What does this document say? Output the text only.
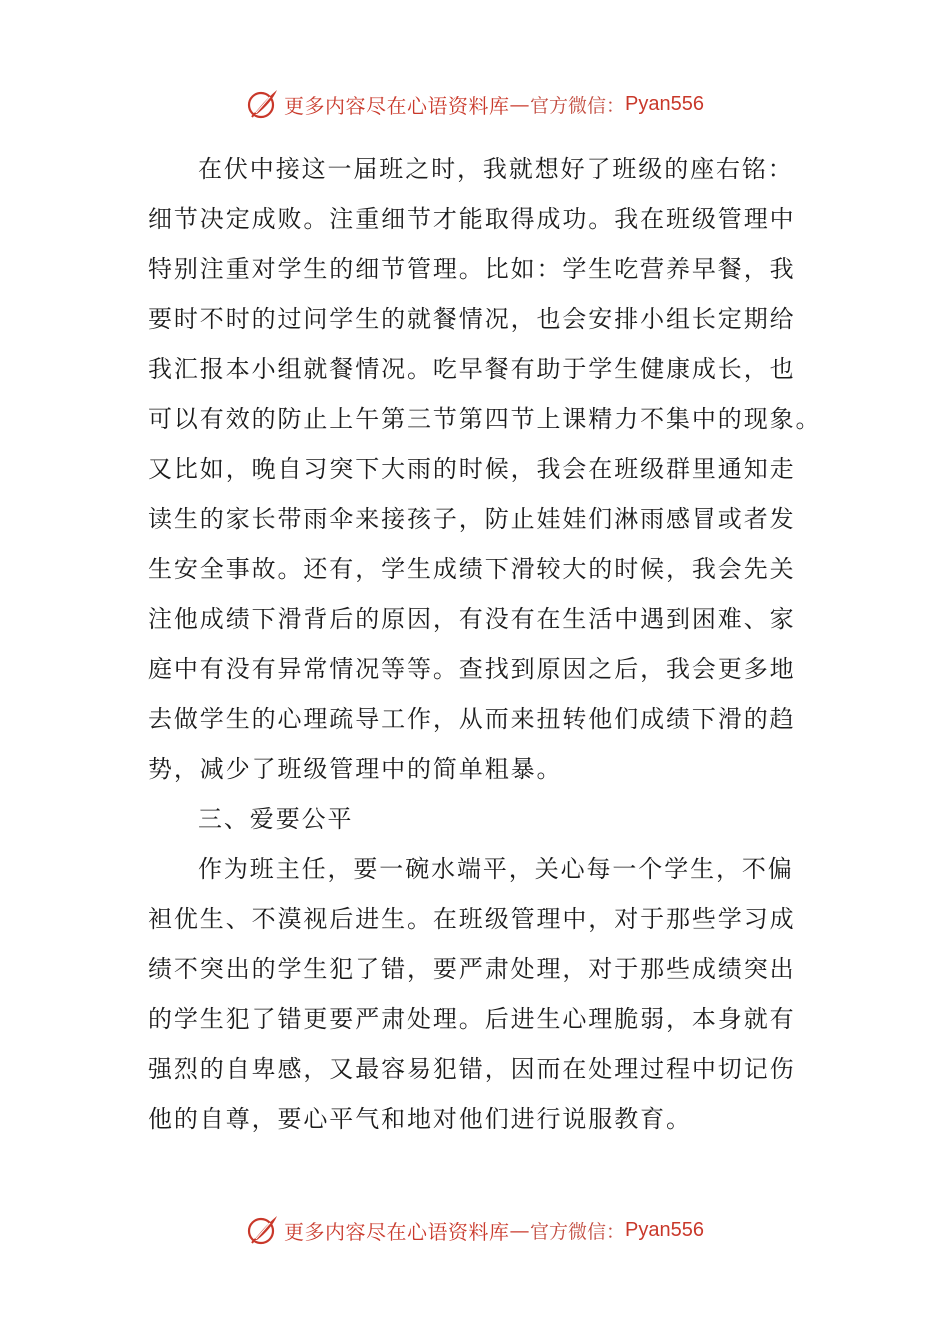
更多内容尽在心语资料库 — 官方微信： Pyan556
在伏中接这一届班之时，我就想好了班级的座右铭：
细节决定成败。注重细节才能取得成功。我在班级管理中
特别注重对学生的细节管理。比如：学生吃营养早餐，我
要时不时的过问学生的就餐情况，也会安排小组长定期给
我汇报本小组就餐情况。吃早餐有助于学生健康成长，也
可以有效的防止上午第三节第四节上课精力不集中的现象。
又比如，晚自习突下大雨的时候，我会在班级群里通知走
读生的家长带雨伞来接孩子，防止娃娃们淋雨感冒或者发
生安全事故。还有，学生成绩下滑较大的时候，我会先关
注他成绩下滑背后的原因，有没有在生活中遇到困难、家
庭中有没有异常情况等等。查找到原因之后，我会更多地
去做学生的心理疏导工作，从而来扭转他们成绩下滑的趋
势，减少了班级管理中的简单粗暴。
三、爱要公平
作为班主任，要一碗水端平，关心每一个学生，不偏
袒优生、不漠视后进生。在班级管理中，对于那些学习成
绩不突出的学生犯了错，要严肃处理，对于那些成绩突出
的学生犯了错更要严肃处理。后进生心理脆弱，本身就有
强烈的自卑感，又最容易犯错，因而在处理过程中切记伤
他的自尊，要心平气和地对他们进行说服教育。
更多内容尽在心语资料库 — 官方微信： Pyan556
